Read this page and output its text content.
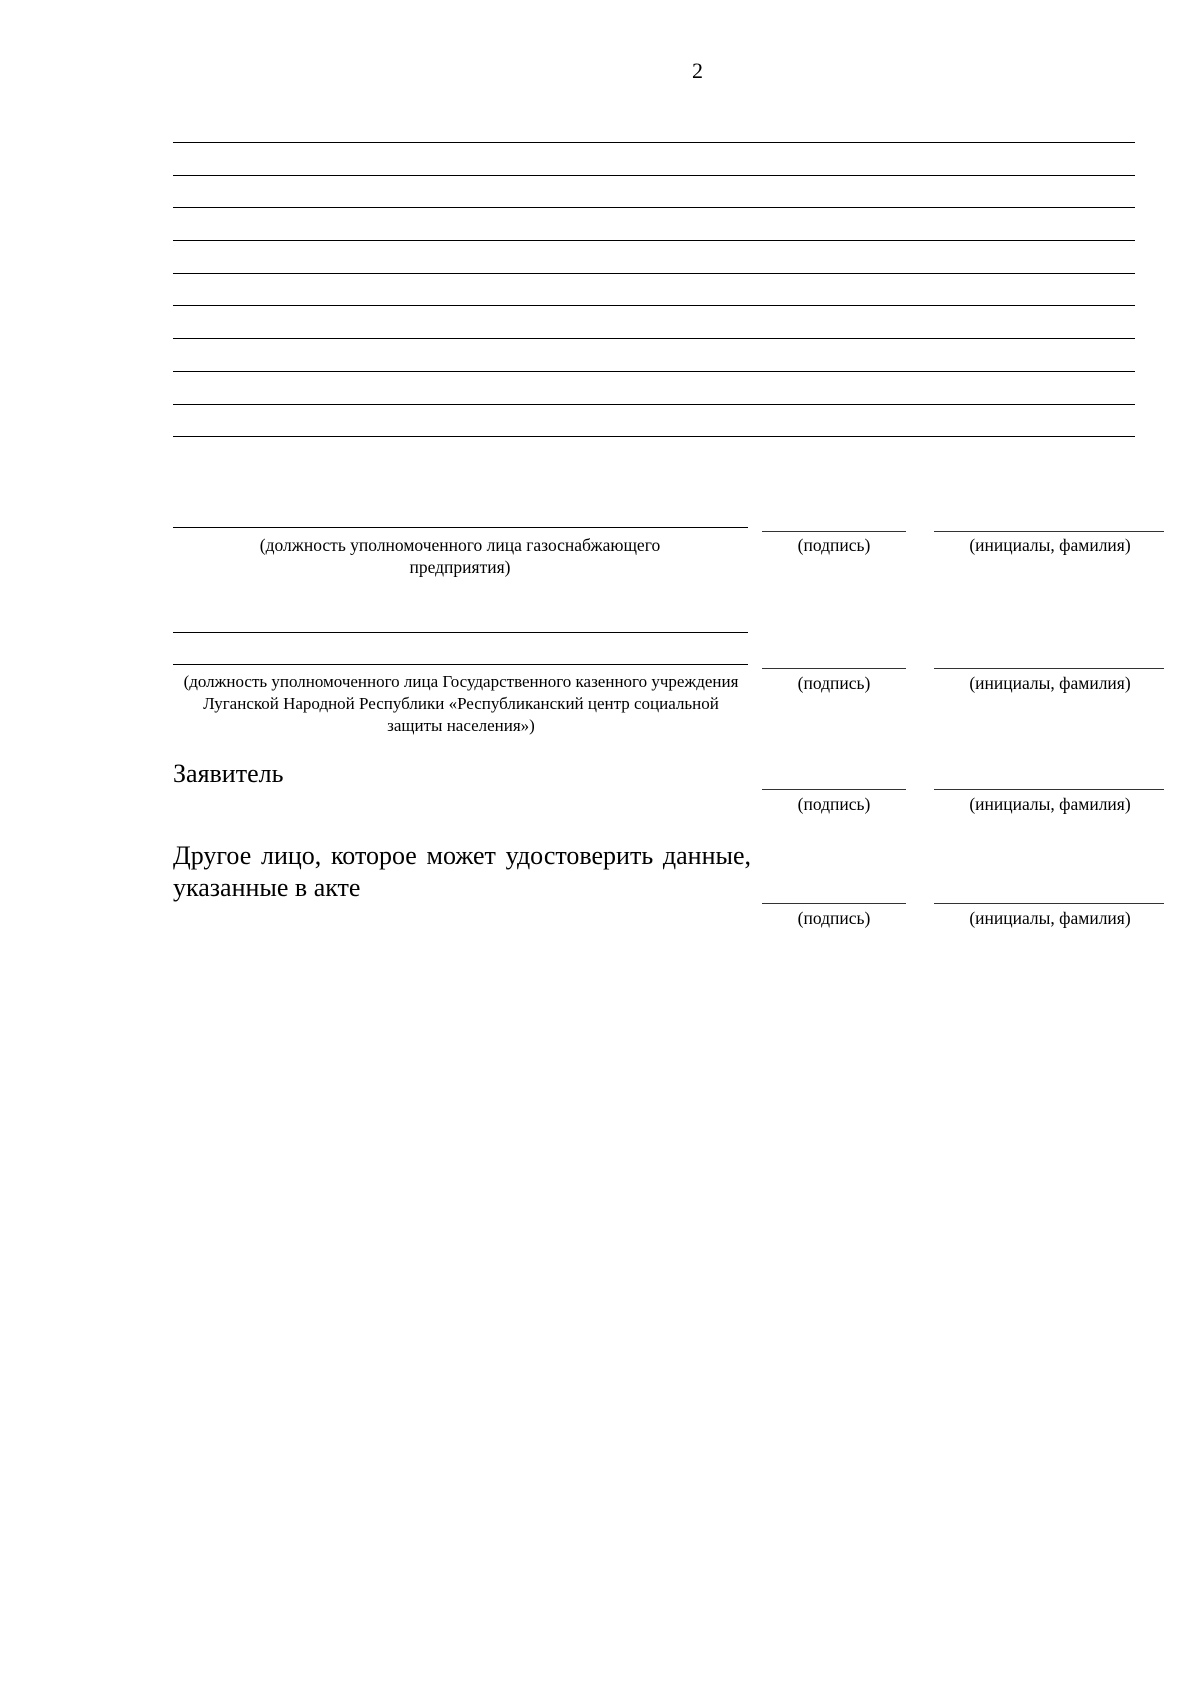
2
(должность уполномоченного лица газоснабжающего предприятия)
(подпись)	(инициалы, фамилия)
(должность уполномоченного лица Государственного казенного учреждения Луганской Народной Республики «Республиканский центр социальной защиты населения»)
(подпись)	(инициалы, фамилия)
Заявитель
(подпись)	(инициалы, фамилия)
Другое лицо, которое может удостоверить данные, указанные в акте
(подпись)	(инициалы, фамилия)
